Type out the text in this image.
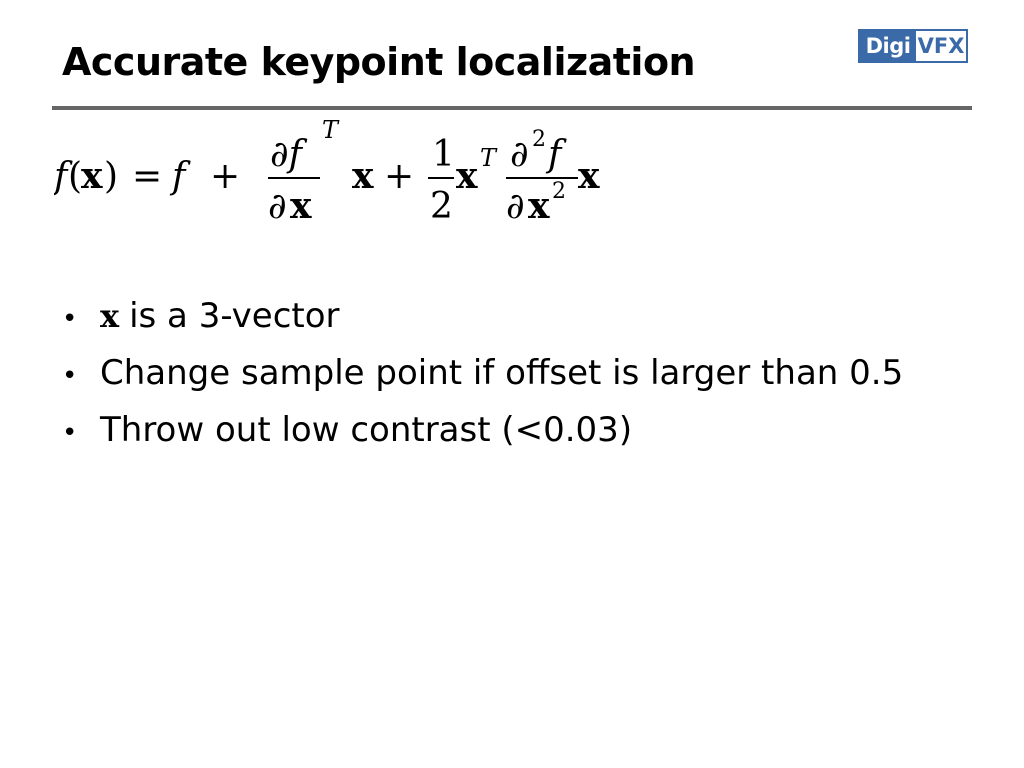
Accurate keypoint localization	Digi VFX
f (
x ) = f +
∂f
T
∂ x
x +
1
2
x T ∂ 2 f
∂ x 2 x
• x is a 3-vector
• Change sample point if offset is larger than 0.5
• Throw out low contrast (<0.03)
